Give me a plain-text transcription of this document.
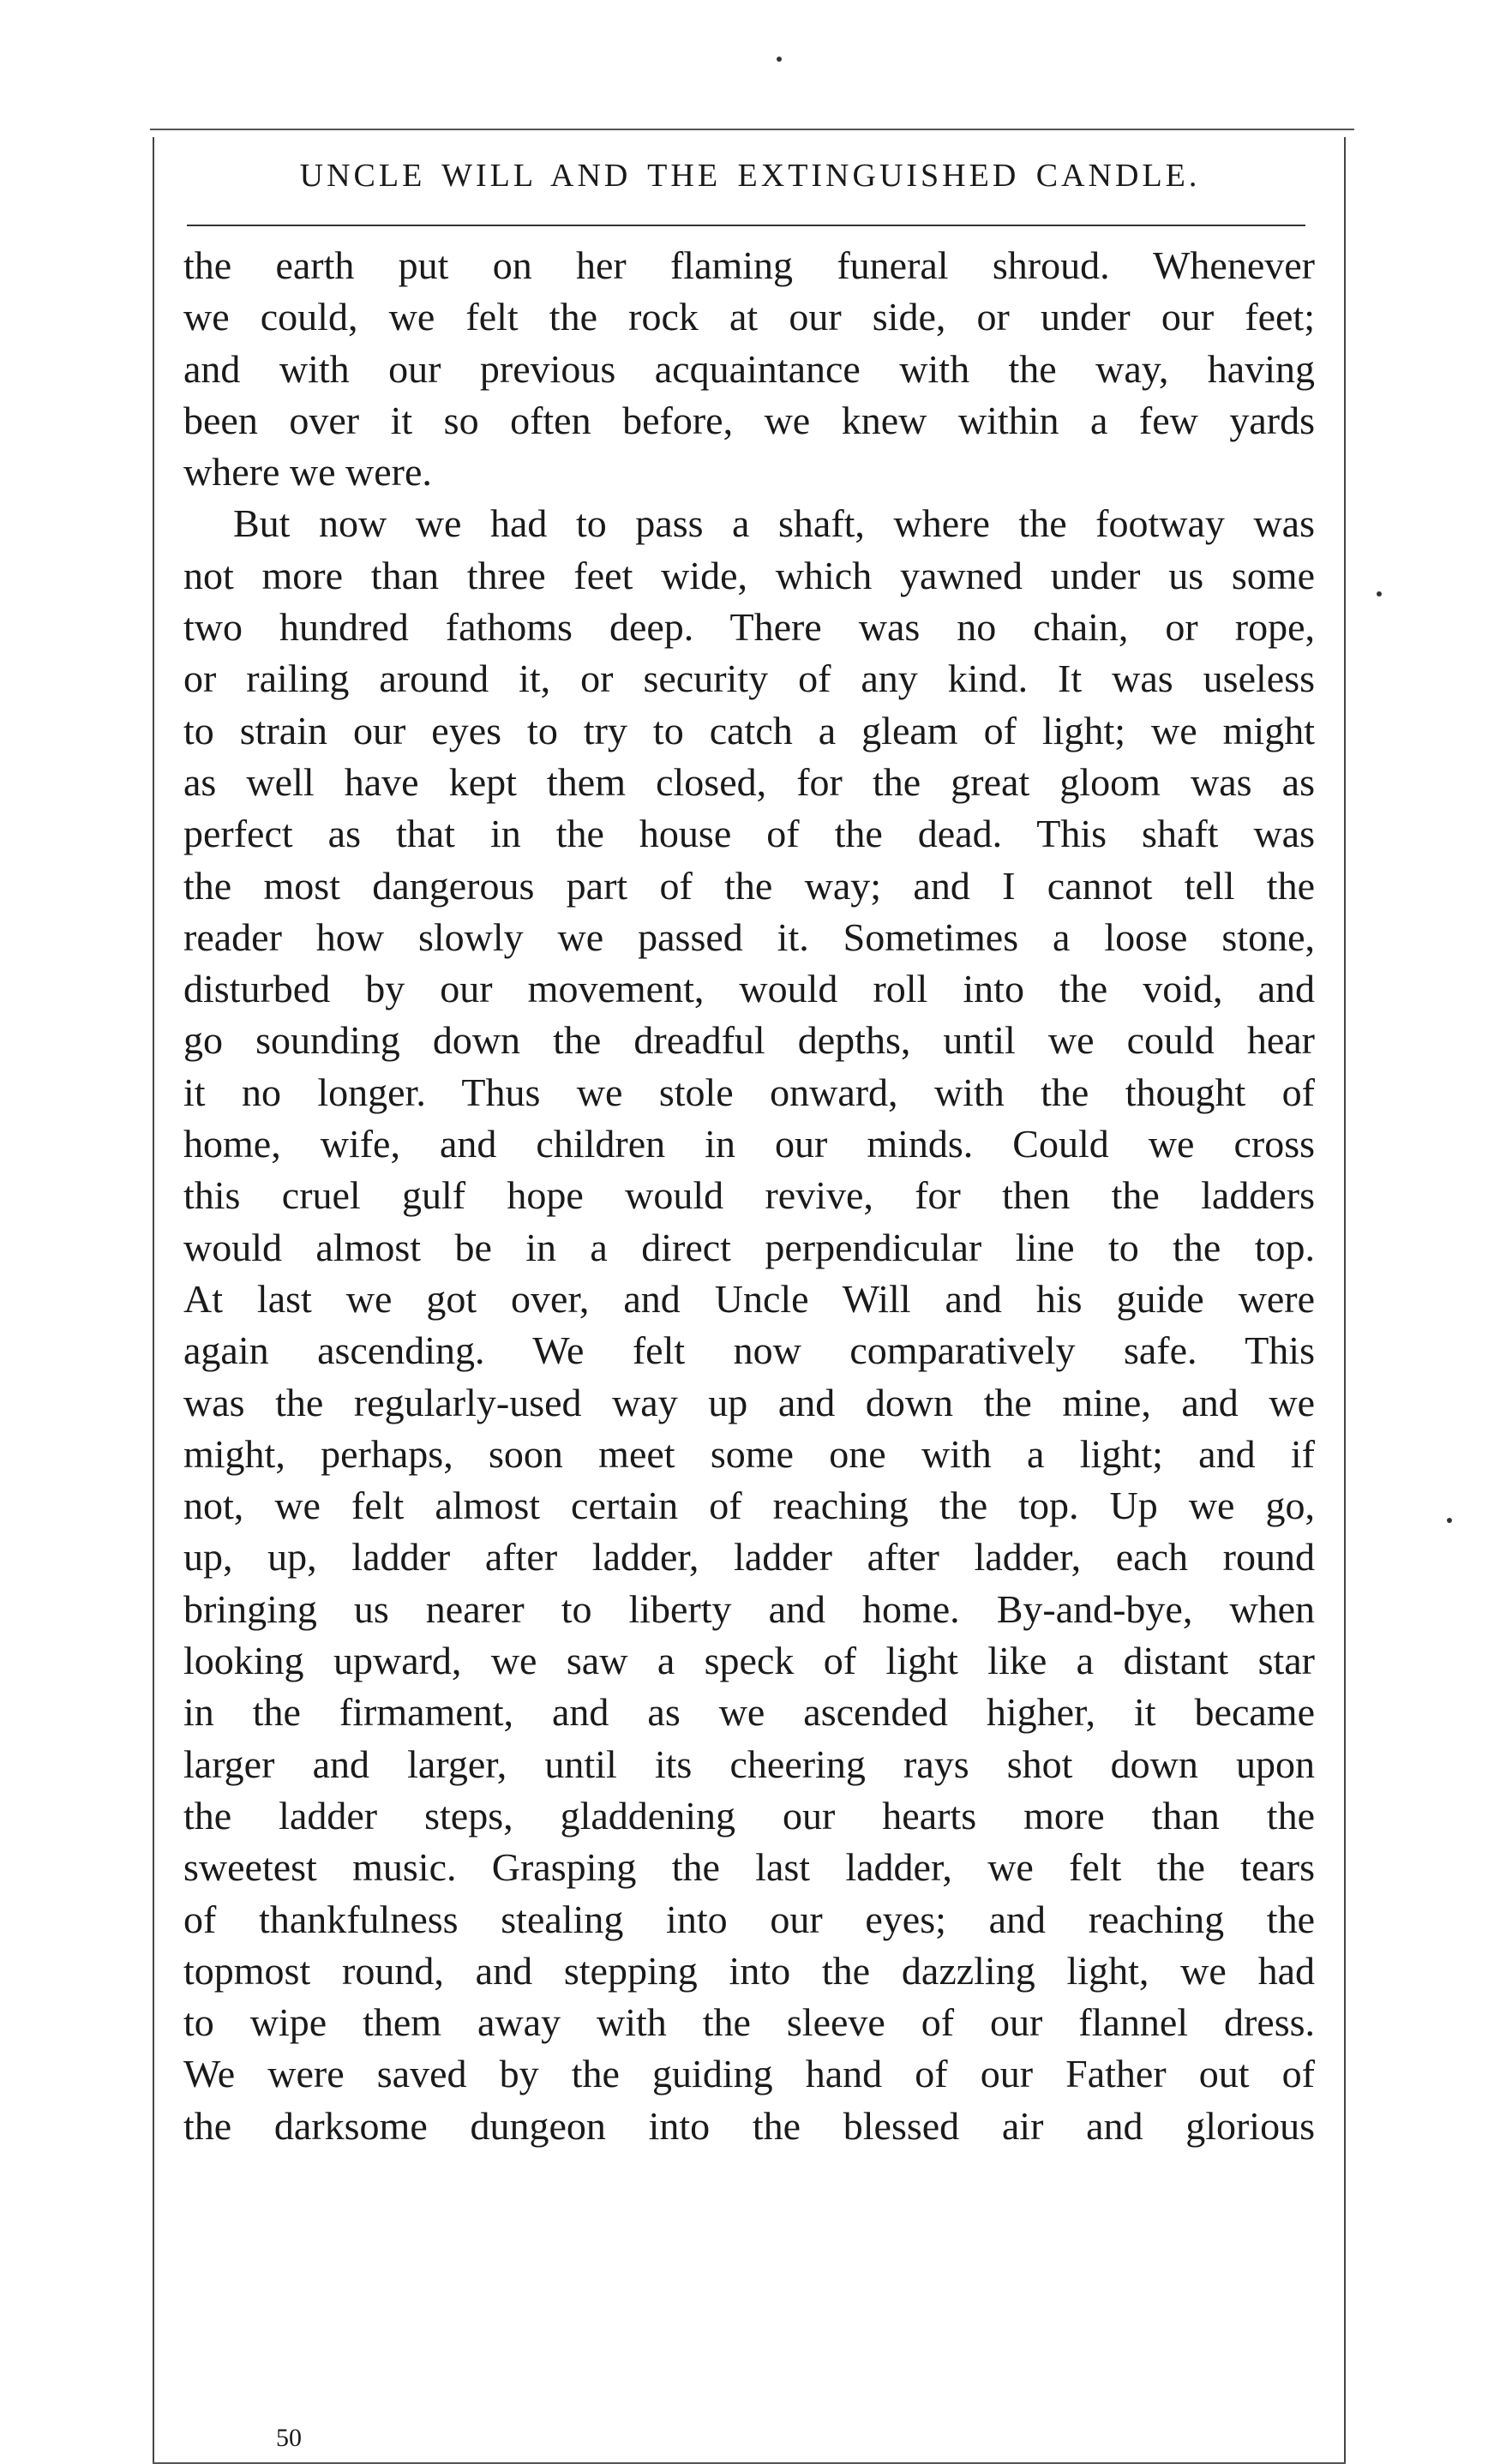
UNCLE WILL AND THE EXTINGUISHED CANDLE.
the earth put on her flaming funeral shroud. Whenever
we could, we felt the rock at our side, or under our feet;
and with our previous acquaintance with the way, having
been over it so often before, we knew within a few yards
where we were.
But now we had to pass a shaft, where the footway was
not more than three feet wide, which yawned under us some
two hundred fathoms deep. There was no chain, or rope,
or railing around it, or security of any kind. It was useless
to strain our eyes to try to catch a gleam of light; we might
as well have kept them closed, for the great gloom was as
perfect as that in the house of the dead. This shaft was
the most dangerous part of the way; and I cannot tell the
reader how slowly we passed it. Sometimes a loose stone,
disturbed by our movement, would roll into the void, and
go sounding down the dreadful depths, until we could hear
it no longer. Thus we stole onward, with the thought of
home, wife, and children in our minds. Could we cross
this cruel gulf hope would revive, for then the ladders
would almost be in a direct perpendicular line to the top.
At last we got over, and Uncle Will and his guide were
again ascending. We felt now comparatively safe. This
was the regularly-used way up and down the mine, and we
might, perhaps, soon meet some one with a light; and if
not, we felt almost certain of reaching the top. Up we go,
up, up, ladder after ladder, ladder after ladder, each round
bringing us nearer to liberty and home. By-and-bye, when
looking upward, we saw a speck of light like a distant star
in the firmament, and as we ascended higher, it became
larger and larger, until its cheering rays shot down upon
the ladder steps, gladdening our hearts more than the
sweetest music. Grasping the last ladder, we felt the tears
of thankfulness stealing into our eyes; and reaching the
topmost round, and stepping into the dazzling light, we had
to wipe them away with the sleeve of our flannel dress.
We were saved by the guiding hand of our Father out of
the darksome dungeon into the blessed air and glorious
50
